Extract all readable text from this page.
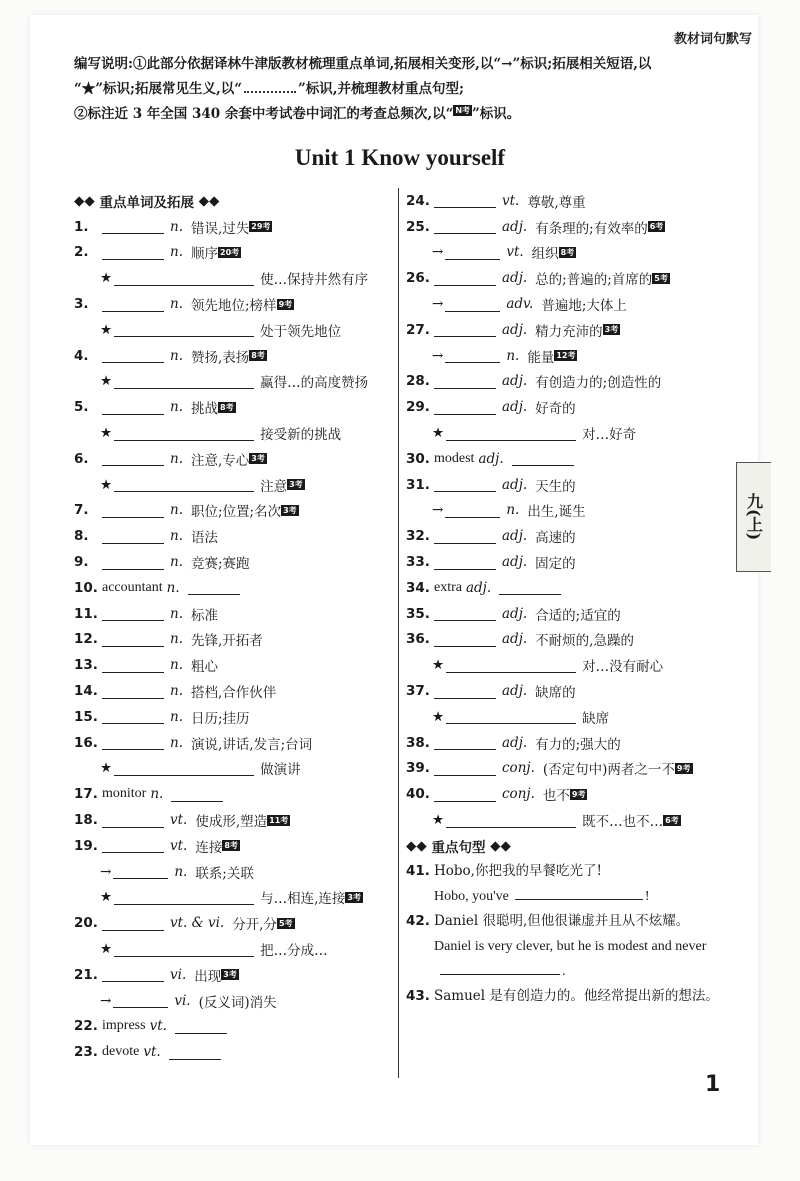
教材词句默写
编写说明:①此部分依据译林牛津版教材梳理重点单词,拓展相关变形,以“→”标识;拓展相关短语,以
“★”标识;拓展常见生义,以“	”标识,并梳理教材重点句型;
②标注近 3 年全国 340 余套中考试卷中词汇的考查总频次,以“ N考 ”标识。
Unit 1 Know yourself
◆◆ 重点单词及拓展 ◆◆
1.	n. 错误,过失 29考
2.	n. 顺序 20考
★	使…保持井然有序
3.	n. 领先地位;榜样 9考
★	处于领先地位
4.	n. 赞扬,表扬 8考
★	赢得…的高度赞扬
5.	n. 挑战 8考
★	接受新的挑战
6.	n. 注意,专心 3考
★	注意 3考
7.	n. 职位;位置;名次 3考
8.	n. 语法
9.	n. 竞赛;赛跑
10. accountant n.
11.	n. 标准
12.	n. 先锋,开拓者
13.	n. 粗心
14.	n. 搭档,合作伙伴
15.	n. 日历;挂历
16.	n. 演说,讲话,发言;台词
★	做演讲
17. monitor n.
18.	vt. 使成形,塑造 11考
19.	vt. 连接 8考
→	n. 联系;关联
★	与…相连,连接 3考
20.	vt. & vi. 分开,分 5考
★	把…分成…
21.	vi. 出现 3考
→	vi. (反义词)消失
22. impress vt.
23. devote vt.
24.	vt. 尊敬,尊重
25.	adj. 有条理的;有效率的 6考
→	vt. 组织 8考
26.	adj. 总的;普遍的;首席的 5考
→	adv. 普遍地;大体上
27.	adj. 精力充沛的 3考
→	n. 能量 12考
28.	adj. 有创造力的;创造性的
29.	adj. 好奇的
★	对…好奇
30. modest adj.
31.	adj. 天生的
→	n. 出生,诞生
32.	adj. 高速的
33.	adj. 固定的
34. extra adj.
35.	adj. 合适的;适宜的
36.	adj. 不耐烦的,急躁的
★	对…没有耐心
37.	adj. 缺席的
★	缺席
38.	adj. 有力的;强大的
39.	conj. (否定句中)两者之一不 9考
40.	conj. 也不 9考
★	既不…也不… 6考
◆◆ 重点句型 ◆◆
41. Hobo,你把我的早餐吃光了!
Hobo, you've	!
42. Daniel 很聪明,但他很谦虚并且从不炫耀。
Daniel is very clever, but he is modest and never.
43. Samuel 是有创造力的。他经常提出新的想法。
九(上)
1
